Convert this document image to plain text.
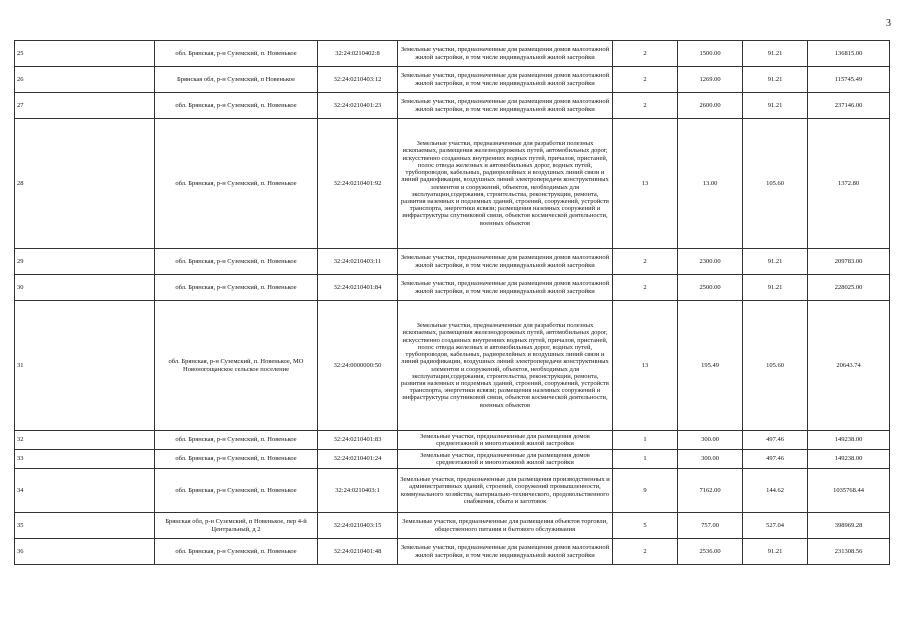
3
25	обл. Брянская, р-н Суземский, п. Новенькое	32:24:0210402:8	Земельные участки, предназначенные для размещения домов малоэтажной жилой застройки, в том числе индивидуальной жилой застройки	2	1500.00	91.21	136815.00
26	Брянская обл, р-н Суземский, п Новенькое	32:24:0210403:12	Земельные участки, предназначенные для размещения домов малоэтажной жилой застройки, в том числе индивидуальной жилой застройки	2	1269.00	91.21	115745.49
27	обл. Брянская, р-н Суземский, п. Новенькое	32:24:0210401:23	Земельные участки, предназначенные для размещения домов малоэтажной жилой застройки, в том числе индивидуальной жилой застройки	2	2600.00	91.21	237146.00
28	обл. Брянская, р-н Суземский, п. Новенькое	32:24:0210401:92	Земельные участки, предназначенные для разработки полезных ископаемых, размещения железнодорожных путей, автомобильных дорог, искусственно созданных внутренних водных путей, причалов, пристаней, полос отвода железных и автомобильных дорог, водных путей, трубопроводов, кабельных, радиорелейных и воздушных линий связи и линий радиофикации, воздушных линий электропередачи конструктивных элементов и сооружений, объектов, необходимых для эксплуатации,содержания, строительства, реконструкции, ремонта, развития наземных и подземных зданий, строений, сооружений, устройств транспорта, энергетики ясвязи; размещения наземных сооружений и инфраструктуры спутниковой связи, объектов космической деятельности, военных объектов	13	13.00	105.60	1372.80
29	обл. Брянская, р-н Суземский, п. Новенькое	32:24:0210403:11	Земельные участки, предназначенные для размещения домов малоэтажной жилой застройки, в том числе индивидуальной жилой застройки	2	2300.00	91.21	209783.00
30	обл. Брянская, р-н Суземский, п. Новенькое	32:24:0210401:84	Земельные участки, предназначенные для размещения домов малоэтажной жилой застройки, в том числе индивидуальной жилой застройки	2	2500.00	91.21	228025.00
31	обл. Брянская, р-н Суземский, п. Новенькое, МО Новоногощанское сельское поселение	32:24:0000000:50	Земельные участки, предназначенные для разработки полезных ископаемых, размещения железнодорожных путей, автомобильных дорог, искусственно созданных внутренних водных путей, причалов, пристаней, полос отвода железных и автомобильных дорог, водных путей, трубопроводов, кабельных, радиорелейных и воздушных линий связи и линий радиофикации, воздушных линий электропередачи конструктивных элементов и сооружений, объектов, необходимых для эксплуатации,содержания, строительства, реконструкции, ремонта, развития наземных и подземных зданий, строений, сооружений, устройств транспорта, энергетики ясвязи; размещения наземных сооружений и инфраструктуры спутниковой связи, объектов космической деятельности, военных объектов	13	195.49	105.60	20643.74
32	обл. Брянская, р-н Суземский, п. Новенькое	32:24:0210401:83	Земельные участки, предназначенные для размещения домов среднеэтажной и многоэтажной жилой застройки	1	300.00	497.46	149238.00
33	обл. Брянская, р-н Суземский, п. Новенькое	32:24:0210401:24	Земельные участки, предназначенные для размещения домов среднеэтажной и многоэтажной жилой застройки	1	300.00	497.46	149238.00
34	обл. Брянская, р-н Суземский, п. Новенькое	32:24:0210403:1	Земельные участки, предназначенные для размещения производственных и административных зданий, строений, сооружений промышленности, коммунального хозяйства, материально-технического, продовольственного снабжения, сбыта и заготовок	9	7162.00	144.62	1035768.44
35	Брянская обл, р-н Суземский, п Новенькое, пер 4-й Центральный, д 2	32:24:0210403:15	Земельные участки, предназначенные для размещения объектов торговли, общественного питания и бытового обслуживания	5	757.00	527.04	398969.28
36	обл. Брянская, р-н Суземский, п. Новенькое	32:24:0210401:48	Земельные участки, предназначенные для размещения домов малоэтажной жилой застройки, в том числе индивидуальной жилой застройки	2	2536.00	91.21	231308.56
